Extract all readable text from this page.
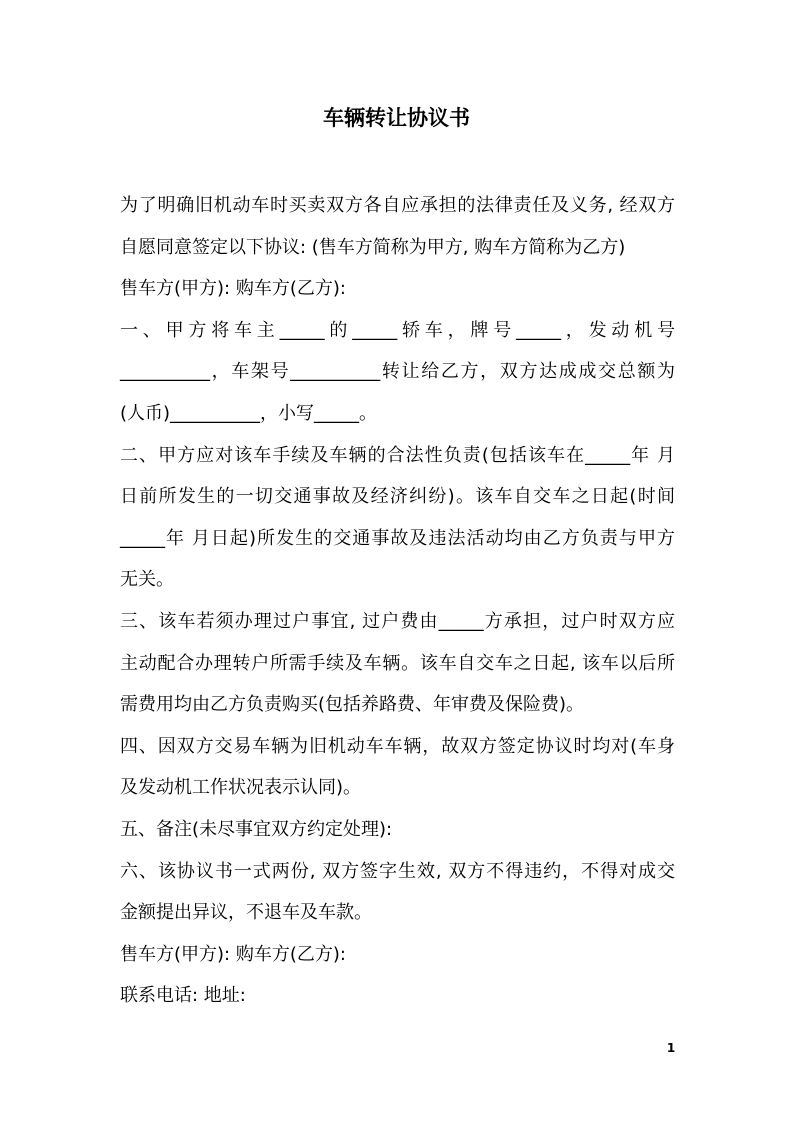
车辆转让协议书
为了明确旧机动车时买卖双方各自应承担的法律责任及义务, 经双方
自愿同意签定以下协议: (售车方简称为甲方, 购车方简称为乙方)
售车方(甲方): 购车方(乙方):
一、甲方将车主_____的_____轿车，牌号_____，发动机号
__________，车架号__________转让给乙方，双方达成成交总额为
(人币)__________，小写_____。
二、甲方应对该车手续及车辆的合法性负责(包括该车在_____年 月
日前所发生的一切交通事故及经济纠纷)。该车自交车之日起(时间
_____年 月日起)所发生的交通事故及违法活动均由乙方负责与甲方
无关。
三、该车若须办理过户事宜, 过户费由_____方承担，过户时双方应
主动配合办理转户所需手续及车辆。该车自交车之日起, 该车以后所
需费用均由乙方负责购买(包括养路费、年审费及保险费)。
四、因双方交易车辆为旧机动车车辆，故双方签定协议时均对(车身
及发动机工作状况表示认同)。
五、备注(未尽事宜双方约定处理):
六、该协议书一式两份, 双方签字生效, 双方不得违约，不得对成交
金额提出异议，不退车及车款。
售车方(甲方): 购车方(乙方):
联系电话: 地址:
1
